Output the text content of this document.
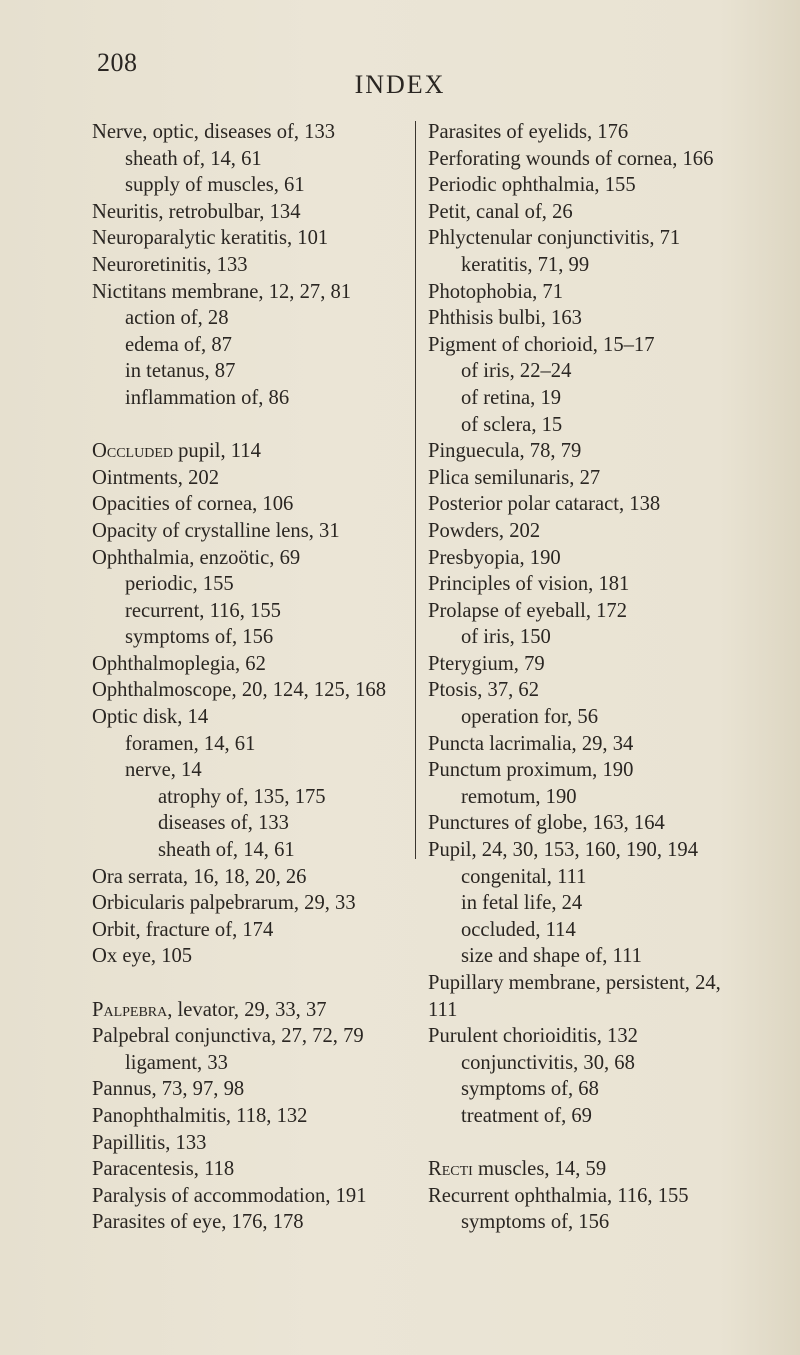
208
INDEX
Nerve, optic, diseases of, 133
sheath of, 14, 61
supply of muscles, 61
Neuritis, retrobulbar, 134
Neuroparalytic keratitis, 101
Neuroretinitis, 133
Nictitans membrane, 12, 27, 81
action of, 28
edema of, 87
in tetanus, 87
inflammation of, 86
Occluded pupil, 114
Ointments, 202
Opacities of cornea, 106
Opacity of crystalline lens, 31
Ophthalmia, enzoötic, 69
periodic, 155
recurrent, 116, 155
symptoms of, 156
Ophthalmoplegia, 62
Ophthalmoscope, 20, 124, 125, 168
Optic disk, 14
foramen, 14, 61
nerve, 14
atrophy of, 135, 175
diseases of, 133
sheath of, 14, 61
Ora serrata, 16, 18, 20, 26
Orbicularis palpebrarum, 29, 33
Orbit, fracture of, 174
Ox eye, 105
Palpebra, levator, 29, 33, 37
Palpebral conjunctiva, 27, 72, 79
ligament, 33
Pannus, 73, 97, 98
Panophthalmitis, 118, 132
Papillitis, 133
Paracentesis, 118
Paralysis of accommodation, 191
Parasites of eye, 176, 178
Parasites of eyelids, 176
Perforating wounds of cornea, 166
Periodic ophthalmia, 155
Petit, canal of, 26
Phlyctenular conjunctivitis, 71
keratitis, 71, 99
Photophobia, 71
Phthisis bulbi, 163
Pigment of chorioid, 15–17
of iris, 22–24
of retina, 19
of sclera, 15
Pinguecula, 78, 79
Plica semilunaris, 27
Posterior polar cataract, 138
Powders, 202
Presbyopia, 190
Principles of vision, 181
Prolapse of eyeball, 172
of iris, 150
Pterygium, 79
Ptosis, 37, 62
operation for, 56
Puncta lacrimalia, 29, 34
Punctum proximum, 190
remotum, 190
Punctures of globe, 163, 164
Pupil, 24, 30, 153, 160, 190, 194
congenital, 111
in fetal life, 24
occluded, 114
size and shape of, 111
Pupillary membrane, persistent, 24,
111
Purulent chorioiditis, 132
conjunctivitis, 30, 68
symptoms of, 68
treatment of, 69
Recti muscles, 14, 59
Recurrent ophthalmia, 116, 155
symptoms of, 156
